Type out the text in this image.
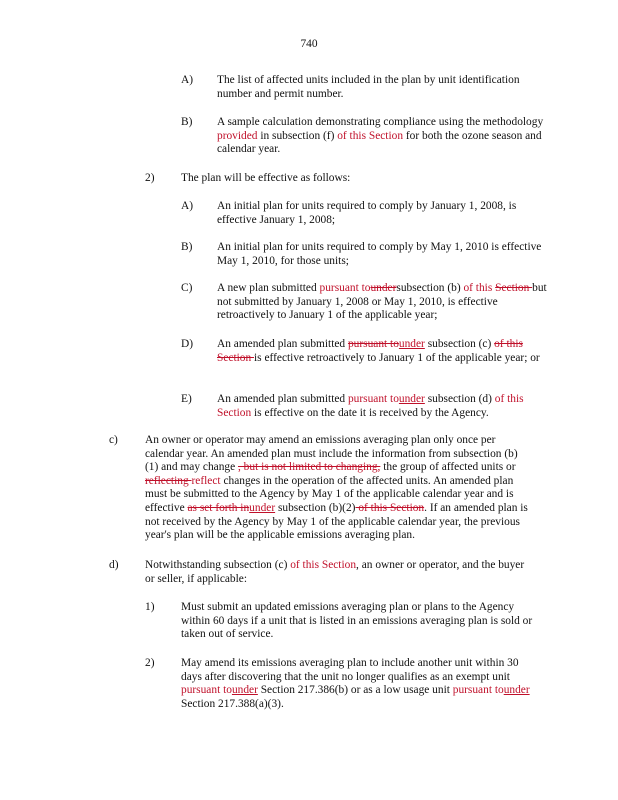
740
A) The list of affected units included in the plan by unit identification number and permit number.
B) A sample calculation demonstrating compliance using the methodology provided in subsection (f) of this Section for both the ozone season and calendar year.
2) The plan will be effective as follows:
A) An initial plan for units required to comply by January 1, 2008, is effective January 1, 2008;
B) An initial plan for units required to comply by May 1, 2010 is effective May 1, 2010, for those units;
C) A new plan submitted pursuant toundersubsection (b) of this Section but not submitted by January 1, 2008 or May 1, 2010, is effective retroactively to January 1 of the applicable year;
D) An amended plan submitted pursuant tounder subsection (c) of this Section is effective retroactively to January 1 of the applicable year; or
E) An amended plan submitted pursuant tounder subsection (d) of this Section is effective on the date it is received by the Agency.
c) An owner or operator may amend an emissions averaging plan only once per calendar year. An amended plan must include the information from subsection (b)(1) and may change , but is not limited to changing, the group of affected units or reflecting reflect changes in the operation of the affected units. An amended plan must be submitted to the Agency by May 1 of the applicable calendar year and is effective as set forth inunder subsection (b)(2) of this Section. If an amended plan is not received by the Agency by May 1 of the applicable calendar year, the previous year's plan will be the applicable emissions averaging plan.
d) Notwithstanding subsection (c) of this Section, an owner or operator, and the buyer or seller, if applicable:
1) Must submit an updated emissions averaging plan or plans to the Agency within 60 days if a unit that is listed in an emissions averaging plan is sold or taken out of service.
2) May amend its emissions averaging plan to include another unit within 30 days after discovering that the unit no longer qualifies as an exempt unit pursuant tounder Section 217.386(b) or as a low usage unit pursuant tounder Section 217.388(a)(3).
